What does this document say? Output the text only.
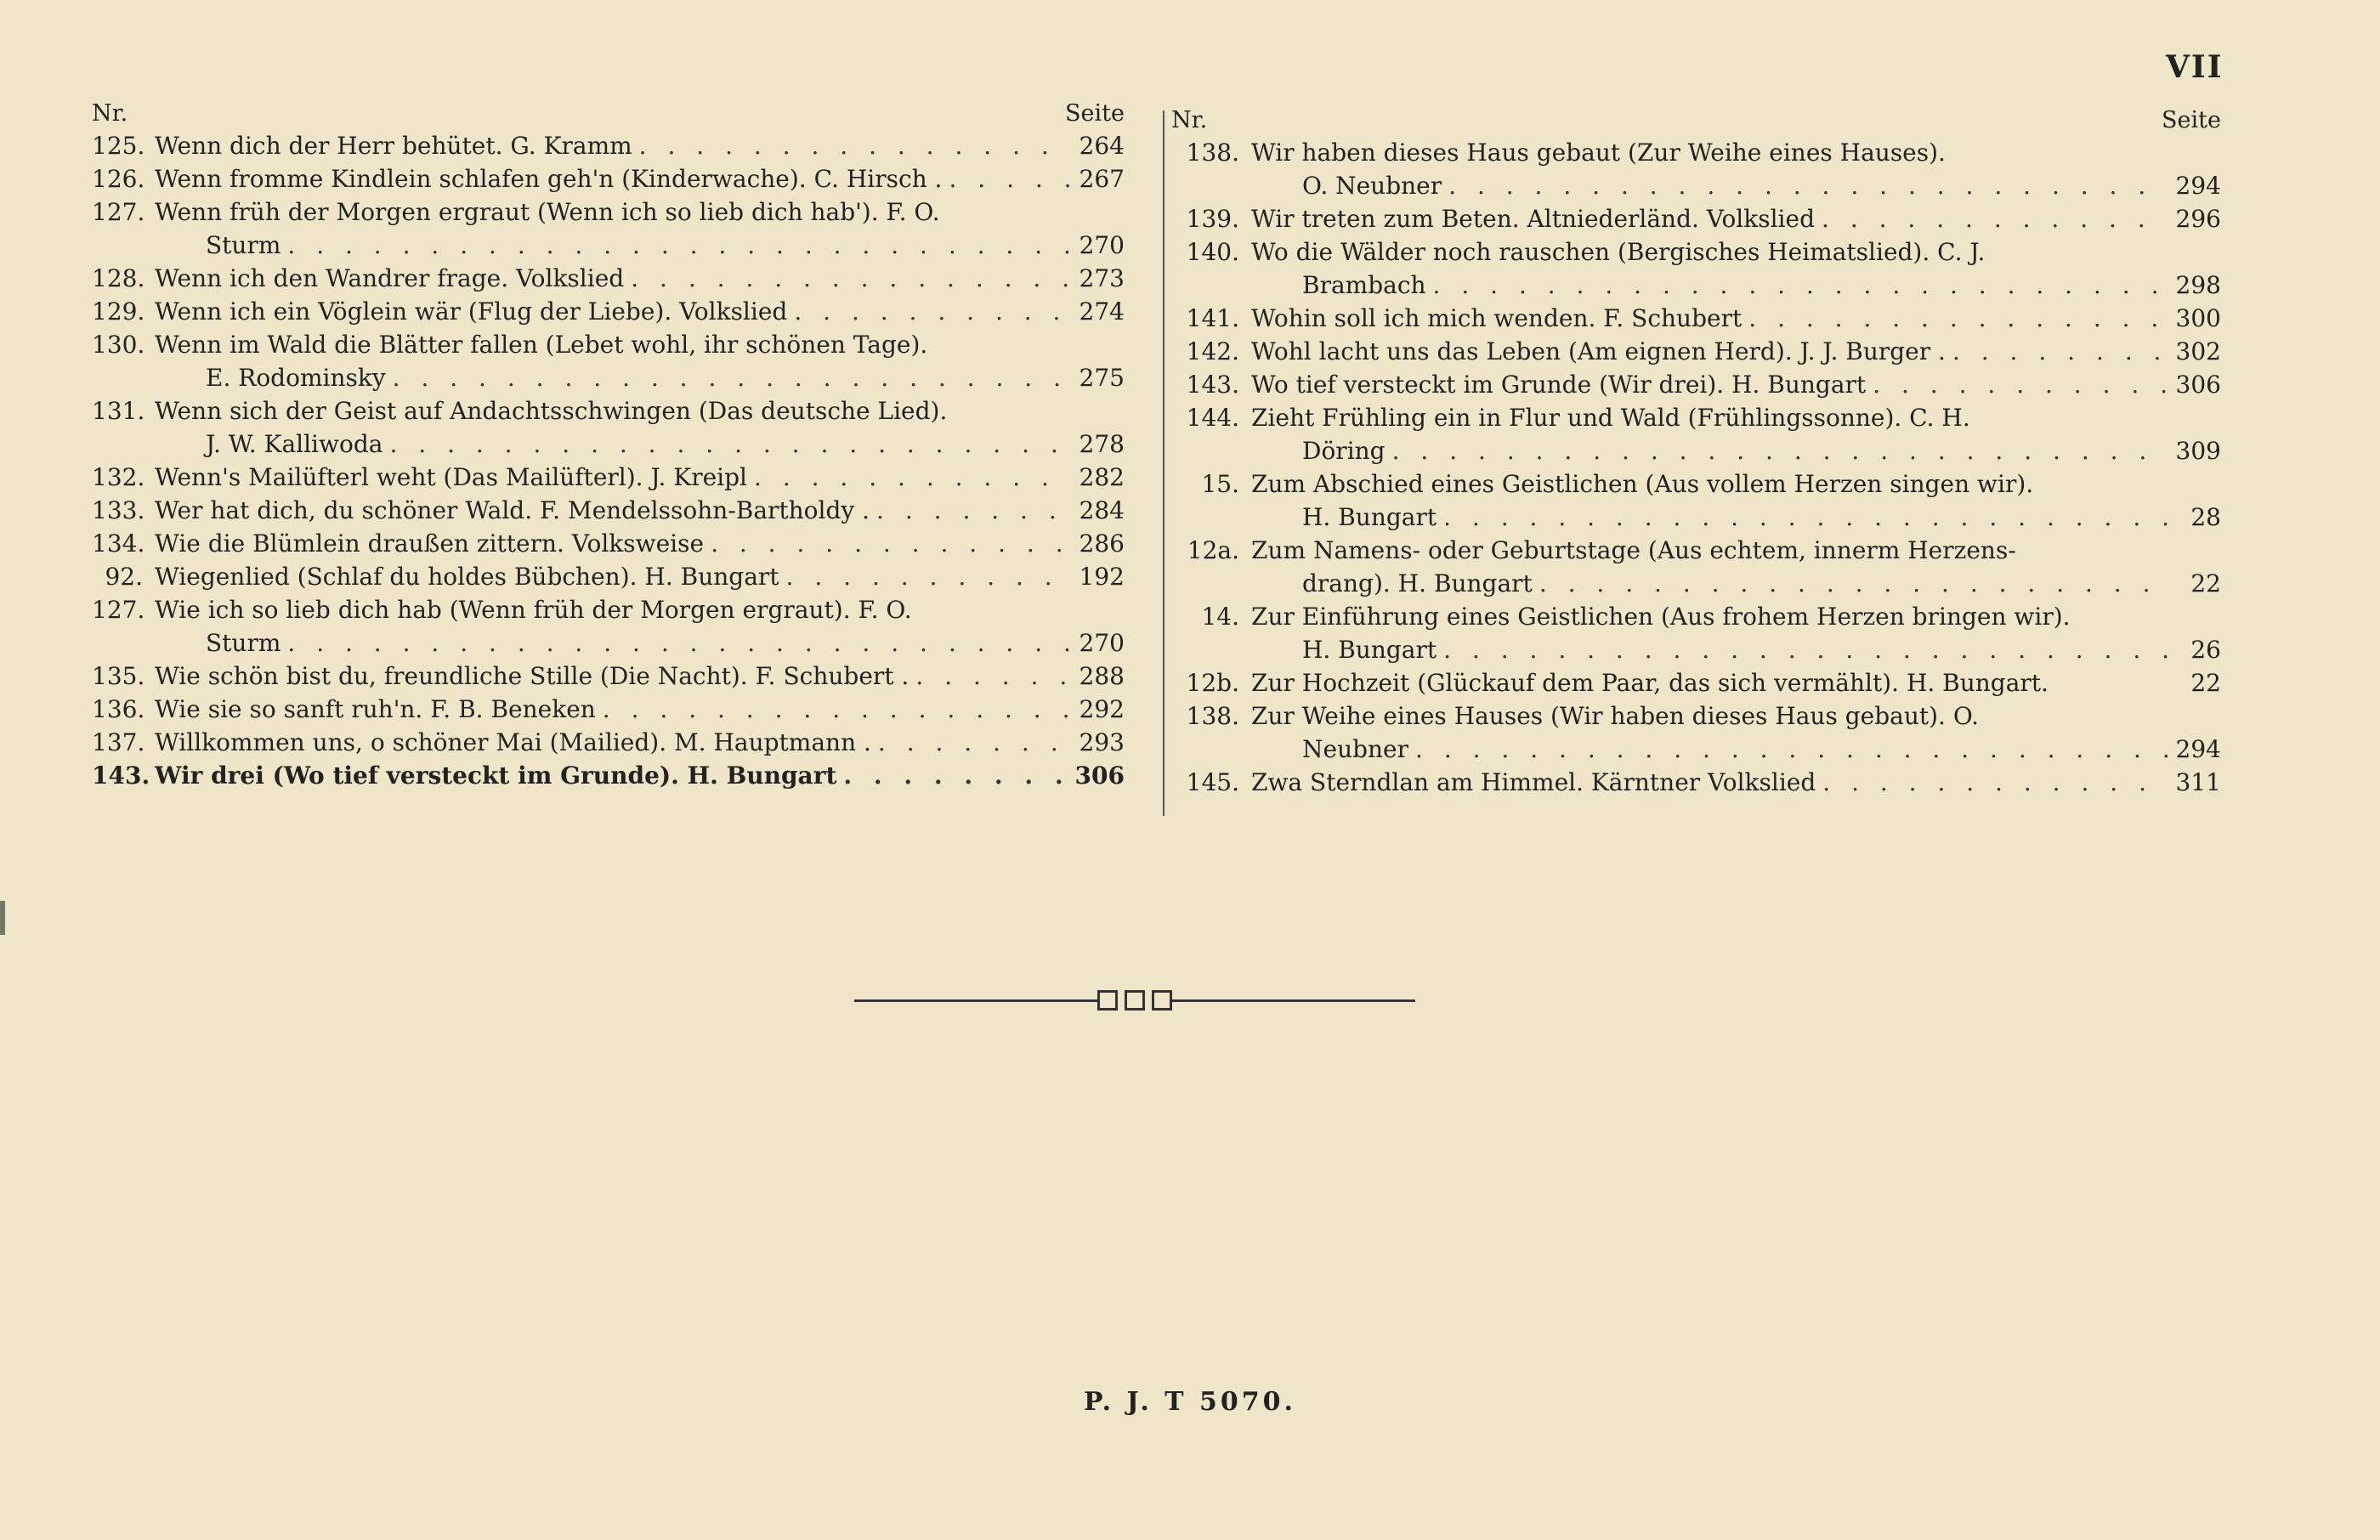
VII
Nr.	Seite
125. Wenn dich der Herr behütet. G. Kramm . . .	264
126. Wenn fromme Kindlein schlafen geh'n (Kinderwache). C. Hirsch . . . .	267
127. Wenn früh der Morgen ergraut (Wenn ich so lieb dich hab'). F. O.
Sturm . . .	270
128. Wenn ich den Wandrer frage. Volkslied . . .	273
129. Wenn ich ein Vöglein wär (Flug der Liebe). Volkslied . . .	274
130. Wenn im Wald die Blätter fallen (Lebet wohl, ihr schönen Tage).
E. Rodominsky . . .	275
131. Wenn sich der Geist auf Andachtsschwingen (Das deutsche Lied).
J. W. Kalliwoda . . .	278
132. Wenn's Mailüfterl weht (Das Mailüfterl). J. Kreipl . . .	282
133. Wer hat dich, du schöner Wald. F. Mendelssohn-Bartholdy . . . .	284
134. Wie die Blümlein draußen zittern. Volksweise . . .	286
92. Wiegenlied (Schlaf du holdes Bübchen). H. Bungart . . .	192
127. Wie ich so lieb dich hab (Wenn früh der Morgen ergraut). F. O.
Sturm . . .	270
135. Wie schön bist du, freundliche Stille (Die Nacht). F. Schubert . . . .	288
136. Wie sie so sanft ruh'n. F. B. Beneken . . .	292
137. Willkommen uns, o schöner Mai (Mailied). M. Hauptmann . . . .	293
143. Wir drei (Wo tief versteckt im Grunde). H. Bungart . . .	306
Nr.	Seite
138. Wir haben dieses Haus gebaut (Zur Weihe eines Hauses).
O. Neubner . . .	294
139. Wir treten zum Beten. Altniederländ. Volkslied . . .	296
140. Wo die Wälder noch rauschen (Bergisches Heimatslied). C. J.
Brambach . . .	298
141. Wohin soll ich mich wenden. F. Schubert . . .	300
142. Wohl lacht uns das Leben (Am eignen Herd). J. J. Burger . . . .	302
143. Wo tief versteckt im Grunde (Wir drei). H. Bungart . . .	306
144. Zieht Frühling ein in Flur und Wald (Frühlingssonne). C. H.
Döring . . .	309
15. Zum Abschied eines Geistlichen (Aus vollem Herzen singen wir).
H. Bungart . . .	28
12a. Zum Namens- oder Geburtstage (Aus echtem, innerm Herzens-
drang). H. Bungart . . .	22
14. Zur Einführung eines Geistlichen (Aus frohem Herzen bringen wir).
H. Bungart . . .	26
12b. Zur Hochzeit (Glückauf dem Paar, das sich vermählt). H. Bungart.	22
138. Zur Weihe eines Hauses (Wir haben dieses Haus gebaut). O.
Neubner . . .	294
145. Zwa Sterndlan am Himmel. Kärntner Volkslied . . .	311
P. J. T 5070.
